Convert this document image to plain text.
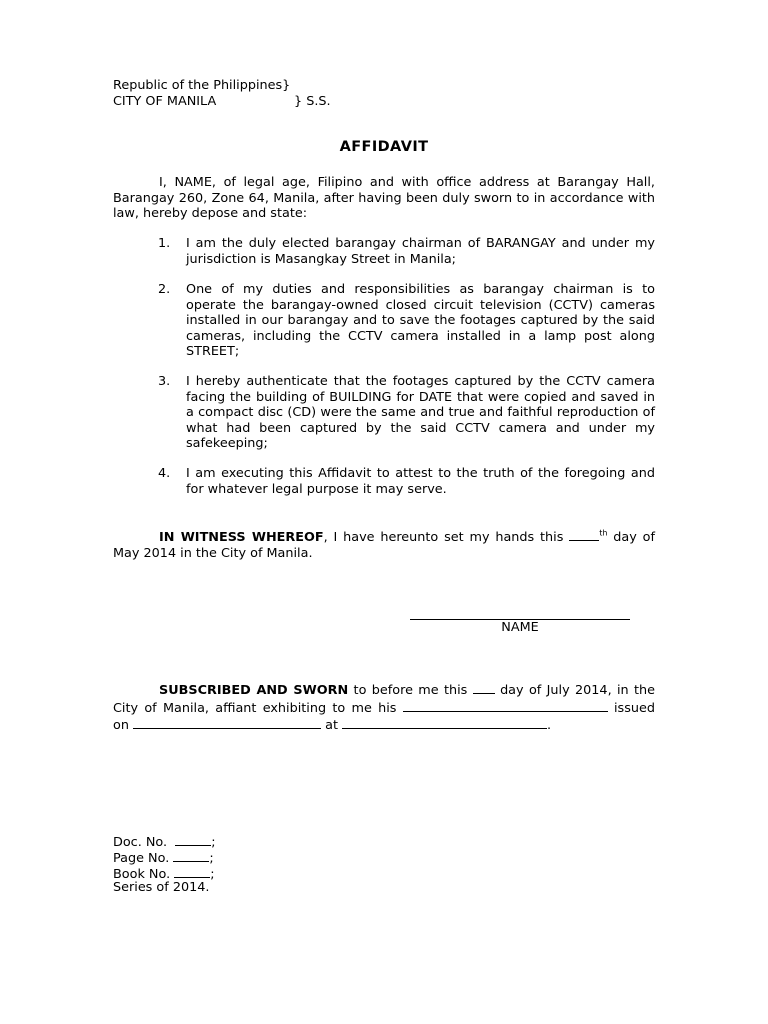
Republic of the Philippines}
CITY OF MANILA	} S.S.
AFFIDAVIT
I, NAME, of legal age, Filipino and with office address at Barangay Hall, Barangay 260, Zone 64, Manila, after having been duly sworn to in accordance with law, hereby depose and state:
1. I am the duly elected barangay chairman of BARANGAY and under my jurisdiction is Masangkay Street in Manila;
2. One of my duties and responsibilities as barangay chairman is to operate the barangay-owned closed circuit television (CCTV) cameras installed in our barangay and to save the footages captured by the said cameras, including the CCTV camera installed in a lamp post along STREET;
3. I hereby authenticate that the footages captured by the CCTV camera facing the building of BUILDING for DATE that were copied and saved in a compact disc (CD) were the same and true and faithful reproduction of what had been captured by the said CCTV camera and under my safekeeping;
4. I am executing this Affidavit to attest to the truth of the foregoing and for whatever legal purpose it may serve.
IN WITNESS WHEREOF, I have hereunto set my hands this	$^{th}$ day of May 2014 in the City of Manila.
NAME
SUBSCRIBED AND SWORN to before me this	day of July 2014, in the City of Manila, affiant exhibiting to me his	issued on	at	.
Doc. No.	;
Page No.	;
Book No.	;
Series of 2014.
